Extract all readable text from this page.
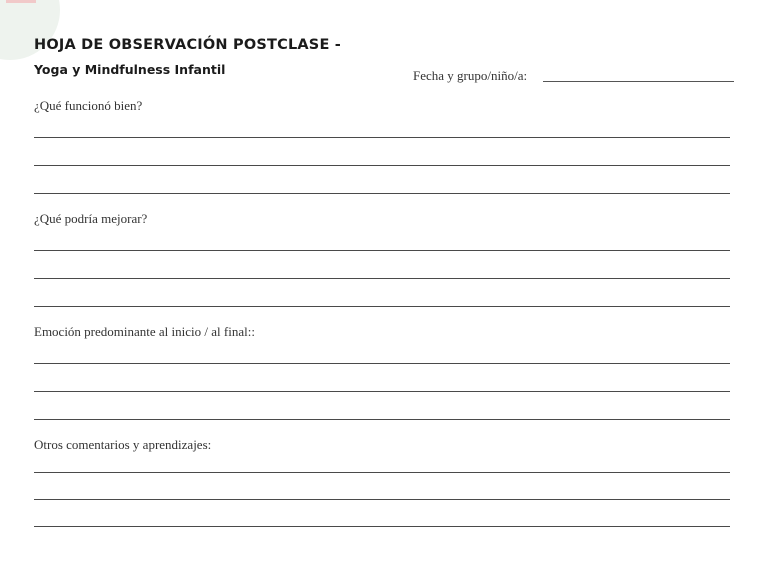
HOJA DE OBSERVACIÓN POSTCLASE -
Yoga y Mindfulness Infantil	Fecha y grupo/niño/a:
¿Qué funcionó bien?
¿Qué podría mejorar?
Emoción predominante al inicio / al final::
Otros comentarios y aprendizajes:
